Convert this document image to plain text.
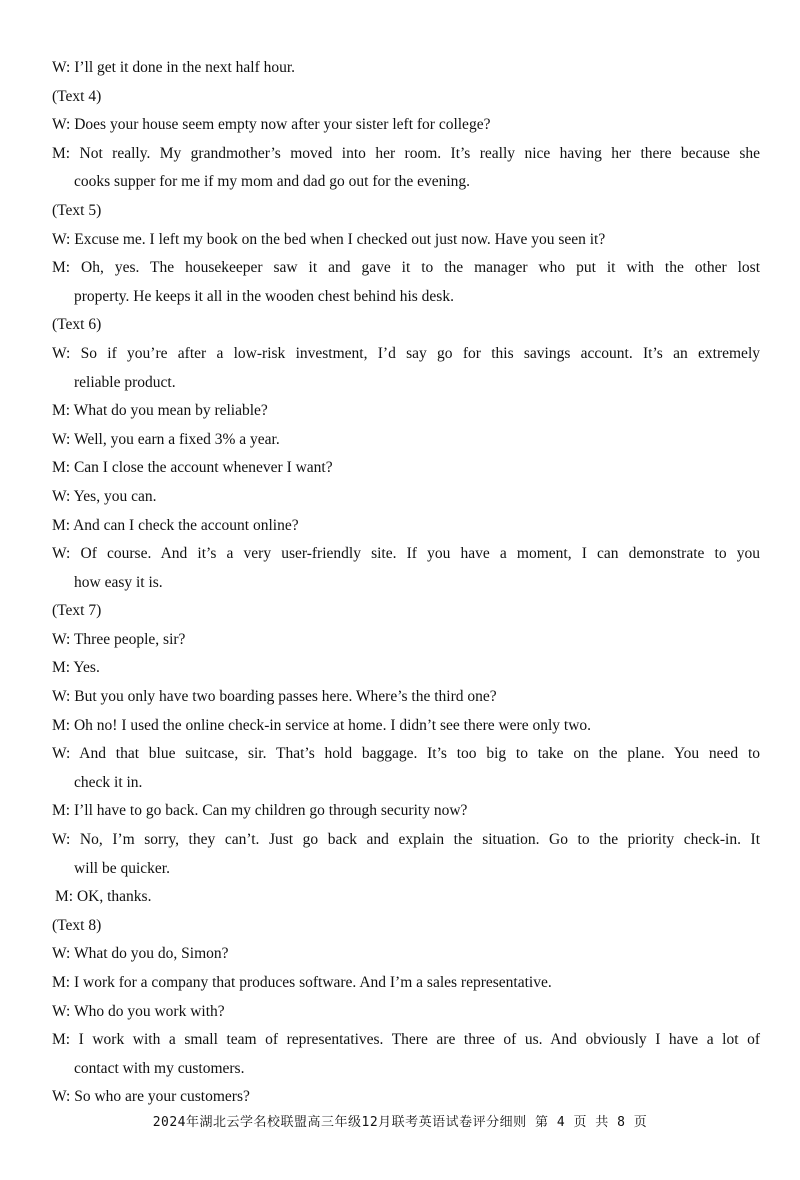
W: I’ll get it done in the next half hour.
(Text 4)
W: Does your house seem empty now after your sister left for college?
M: Not really. My grandmother’s moved into her room. It’s really nice having her there because she
cooks supper for me if my mom and dad go out for the evening.
(Text 5)
W: Excuse me. I left my book on the bed when I checked out just now. Have you seen it?
M: Oh, yes. The housekeeper saw it and gave it to the manager who put it with the other lost
property. He keeps it all in the wooden chest behind his desk.
(Text 6)
W: So if you’re after a low-risk investment, I’d say go for this savings account. It’s an extremely
reliable product.
M: What do you mean by reliable?
W: Well, you earn a fixed 3% a year.
M: Can I close the account whenever I want?
W: Yes, you can.
M: And can I check the account online?
W: Of course. And it’s a very user-friendly site. If you have a moment, I can demonstrate to you
how easy it is.
(Text 7)
W: Three people, sir?
M: Yes.
W: But you only have two boarding passes here. Where’s the third one?
M: Oh no! I used the online check-in service at home. I didn’t see there were only two.
W: And that blue suitcase, sir. That’s hold baggage. It’s too big to take on the plane. You need to
check it in.
M: I’ll have to go back. Can my children go through security now?
W: No, I’m sorry, they can’t. Just go back and explain the situation. Go to the priority check-in. It
will be quicker.
M: OK, thanks.
(Text 8)
W: What do you do, Simon?
M: I work for a company that produces software. And I’m a sales representative.
W: Who do you work with?
M: I work with a small team of representatives. There are three of us. And obviously I have a lot of
contact with my customers.
W: So who are your customers?
2024年湖北云学名校联盟高三年级12月联考英语试卷评分细则 第 4 页 共 8 页
